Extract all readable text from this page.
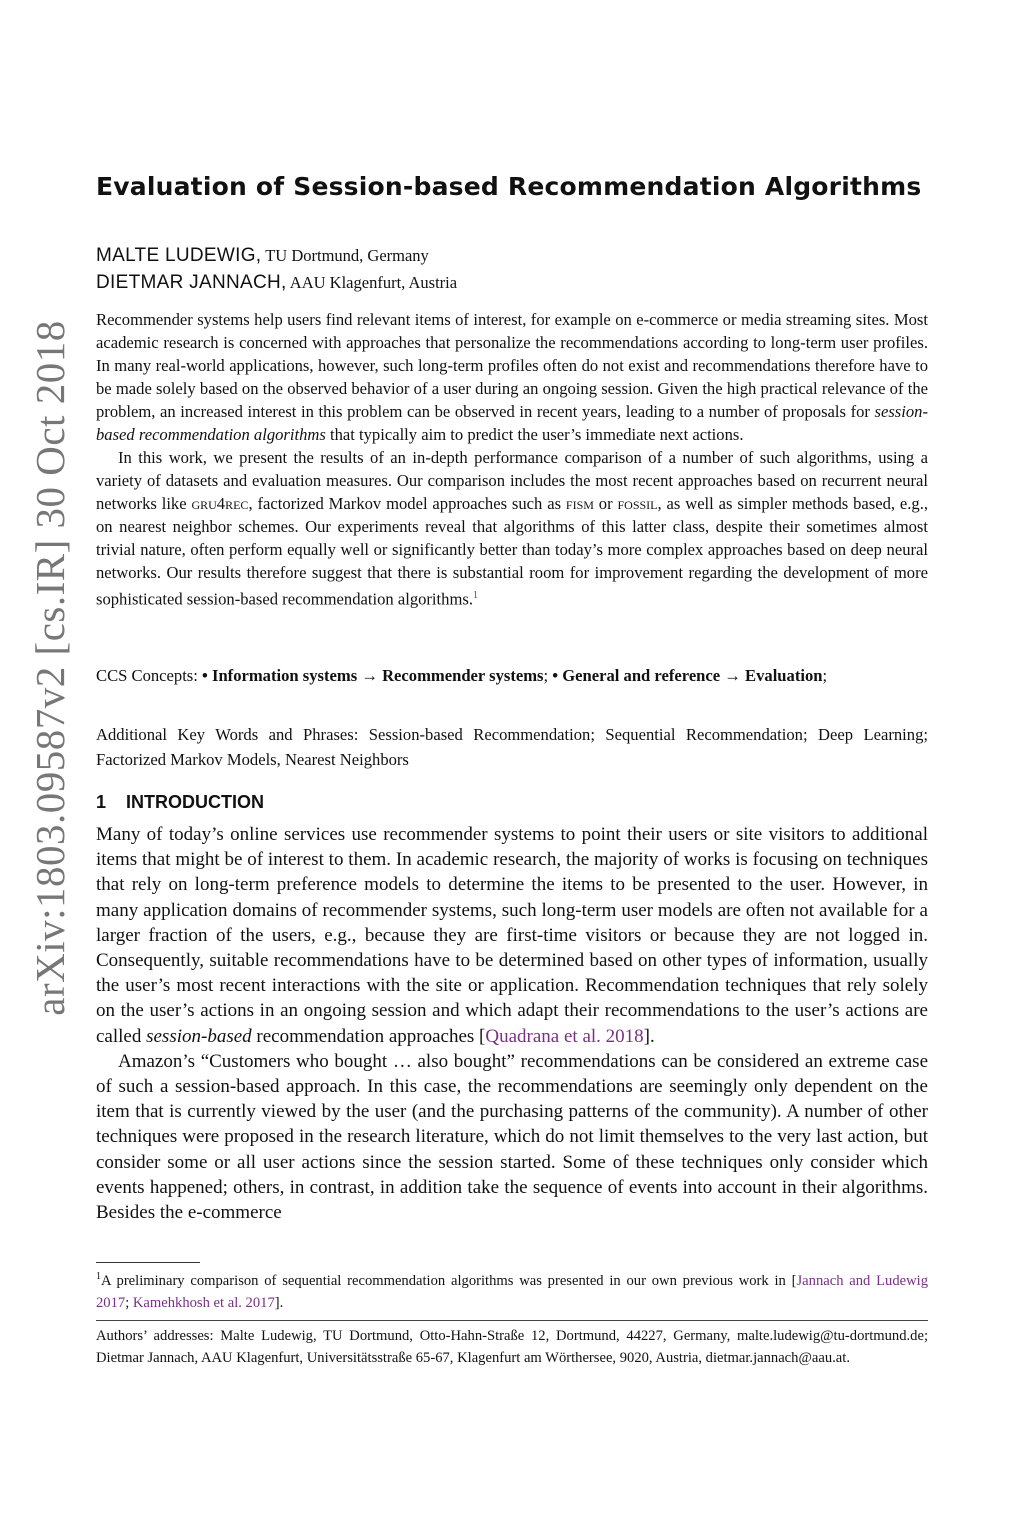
arXiv:1803.09587v2 [cs.IR] 30 Oct 2018
Evaluation of Session-based Recommendation Algorithms
MALTE LUDEWIG, TU Dortmund, Germany
DIETMAR JANNACH, AAU Klagenfurt, Austria

Recommender systems help users find relevant items of interest, for example on e-commerce or media streaming sites. Most academic research is concerned with approaches that personalize the recommendations according to long-term user profiles. In many real-world applications, however, such long-term profiles often do not exist and recommendations therefore have to be made solely based on the observed behavior of a user during an ongoing session. Given the high practical relevance of the problem, an increased interest in this problem can be observed in recent years, leading to a number of proposals for session-based recommendation algorithms that typically aim to predict the user’s immediate next actions.

In this work, we present the results of an in-depth performance comparison of a number of such algorithms, using a variety of datasets and evaluation measures. Our comparison includes the most recent approaches based on recurrent neural networks like gru4rec, factorized Markov model approaches such as fism or fossil, as well as simpler methods based, e.g., on nearest neighbor schemes. Our experiments reveal that algorithms of this latter class, despite their sometimes almost trivial nature, often perform equally well or significantly better than today’s more complex approaches based on deep neural networks. Our results therefore suggest that there is substantial room for improvement regarding the development of more sophisticated session-based recommendation algorithms.$^1$

CCS Concepts: • Information systems → Recommender systems; • General and reference → Evaluation;
Additional Key Words and Phrases: Session-based Recommendation; Sequential Recommendation; Deep Learning; Factorized Markov Models, Nearest Neighbors
1 INTRODUCTION

Many of today’s online services use recommender systems to point their users or site visitors to additional items that might be of interest to them. In academic research, the majority of works is focusing on techniques that rely on long-term preference models to determine the items to be presented to the user. However, in many application domains of recommender systems, such long-term user models are often not available for a larger fraction of the users, e.g., because they are first-time visitors or because they are not logged in. Consequently, suitable recommendations have to be determined based on other types of information, usually the user’s most recent interactions with the site or application. Recommendation techniques that rely solely on the user’s actions in an ongoing session and which adapt their recommendations to the user’s actions are called session-based recommendation approaches [Quadrana et al. 2018].

Amazon’s “Customers who bought … also bought” recommendations can be considered an extreme case of such a session-based approach. In this case, the recommendations are seemingly only dependent on the item that is currently viewed by the user (and the purchasing patterns of the community). A number of other techniques were proposed in the research literature, which do not limit themselves to the very last action, but consider some or all user actions since the session started. Some of these techniques only consider which events happened; others, in contrast, in addition take the sequence of events into account in their algorithms. Besides the e-commerce

$^1$A preliminary comparison of sequential recommendation algorithms was presented in our own previous work in [Jannach and Ludewig 2017; Kamehkhosh et al. 2017].
Authors’ addresses: Malte Ludewig, TU Dortmund, Otto-Hahn-Straße 12, Dortmund, 44227, Germany, malte.ludewig@tu-dortmund.de; Dietmar Jannach, AAU Klagenfurt, Universitätsstraße 65-67, Klagenfurt am Wörthersee, 9020, Austria, dietmar.jannach@aau.at.
